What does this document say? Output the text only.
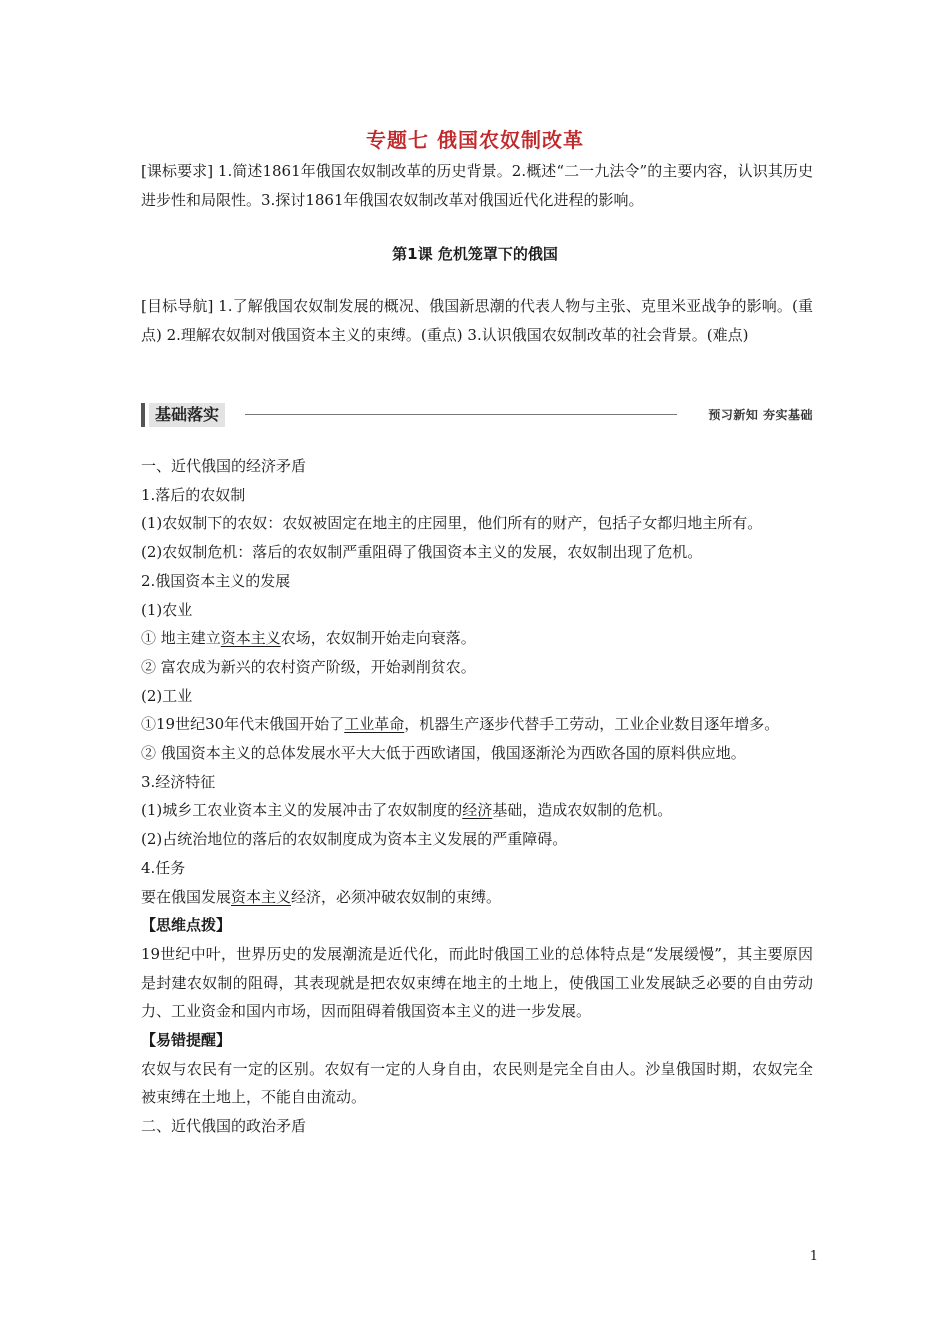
专题七 俄国农奴制改革
[课标要求] 1.简述1861年俄国农奴制改革的历史背景。2.概述“二一九法令”的主要内容，认识其历史进步性和局限性。3.探讨1861年俄国农奴制改革对俄国近代化进程的影响。
第1课 危机笼罩下的俄国
[目标导航] 1.了解俄国农奴制发展的概况、俄国新思潮的代表人物与主张、克里米亚战争的影响。(重点) 2.理解农奴制对俄国资本主义的束缚。(重点) 3.认识俄国农奴制改革的社会背景。(难点)
基础落实	预习新知 夯实基础

一、近代俄国的经济矛盾

1.落后的农奴制

(1)农奴制下的农奴：农奴被固定在地主的庄园里，他们所有的财产，包括子女都归地主所有。

(2)农奴制危机：落后的农奴制严重阻碍了俄国资本主义的发展，农奴制出现了危机。

2.俄国资本主义的发展

(1)农业

① 地主建立资本主义农场，农奴制开始走向衰落。

② 富农成为新兴的农村资产阶级，开始剥削贫农。

(2)工业

①19世纪30年代末俄国开始了工业革命，机器生产逐步代替手工劳动，工业企业数目逐年增多。

② 俄国资本主义的总体发展水平大大低于西欧诸国，俄国逐渐沦为西欧各国的原料供应地。

3.经济特征

(1)城乡工农业资本主义的发展冲击了农奴制度的经济基础，造成农奴制的危机。

(2)占统治地位的落后的农奴制度成为资本主义发展的严重障碍。

4.任务

要在俄国发展资本主义经济，必须冲破农奴制的束缚。

【思维点拨】

19世纪中叶，世界历史的发展潮流是近代化，而此时俄国工业的总体特点是“发展缓慢”，其主要原因是封建农奴制的阻碍，其表现就是把农奴束缚在地主的土地上，使俄国工业发展缺乏必要的自由劳动力、工业资金和国内市场，因而阻碍着俄国资本主义的进一步发展。

【易错提醒】

农奴与农民有一定的区别。农奴有一定的人身自由，农民则是完全自由人。沙皇俄国时期，农奴完全被束缚在土地上，不能自由流动。

二、近代俄国的政治矛盾

1
